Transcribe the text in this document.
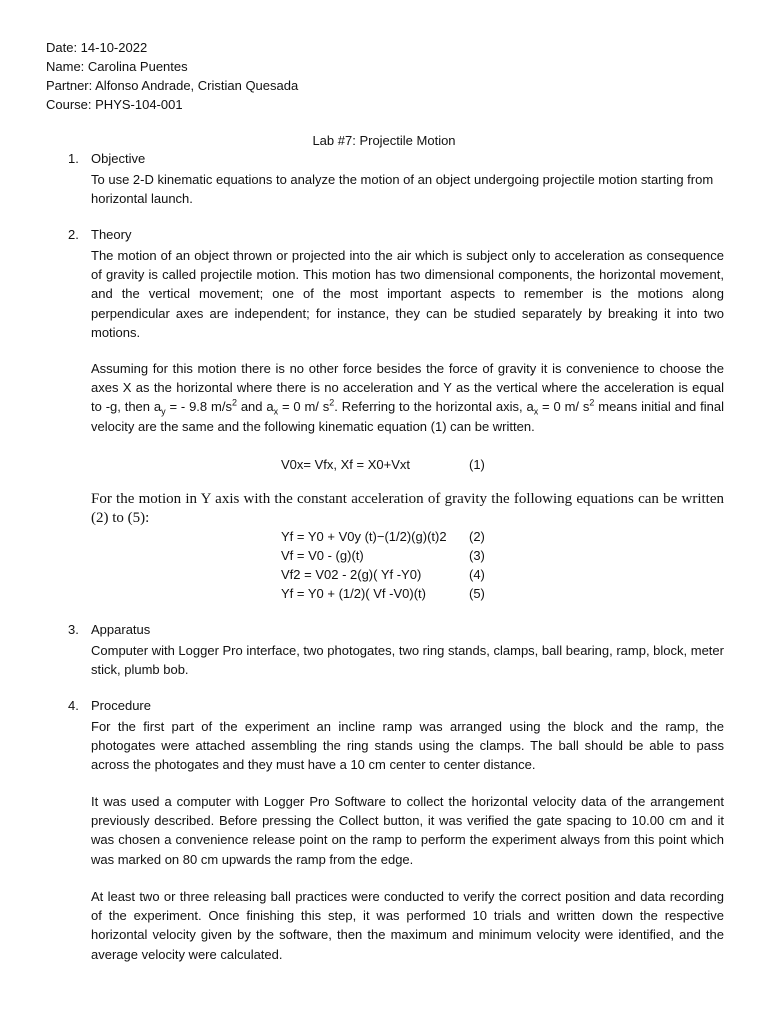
Date: 14-10-2022
Name: Carolina Puentes
Partner: Alfonso Andrade, Cristian Quesada
Course: PHYS-104-001
Lab #7: Projectile Motion
1. Objective
To use 2-D kinematic equations to analyze the motion of an object undergoing projectile motion starting from horizontal launch.
2. Theory
The motion of an object thrown or projected into the air which is subject only to acceleration as consequence of gravity is called projectile motion. This motion has two dimensional components, the horizontal movement, and the vertical movement; one of the most important aspects to remember is the motions along perpendicular axes are independent; for instance, they can be studied separately by breaking it into two motions.
Assuming for this motion there is no other force besides the force of gravity it is convenience to choose the axes X as the horizontal where there is no acceleration and Y as the vertical where the acceleration is equal to -g, then $a_y$ = - 9.8 $m/s^2$ and $a_x = 0$ m/ $s^2$. Referring to the horizontal axis, $a_x = 0$ m/ $s^2$ means initial and final velocity are the same and the following kinematic equation (1) can be written.
V0x= Vfx, Xf = X0+Vxt	(1)
For the motion in Y axis with the constant acceleration of gravity the following equations can be written (2) to (5):
Yf = Y0 + V0y (t)−(1/2)(g)(t)2 (2)
Vf = V0 - (g)(t)	(3)
Vf2 = V02 - 2(g)( Yf -Y0)	(4)
Yf = Y0 + (1/2)( Vf -V0)(t)	(5)
3. Apparatus
Computer with Logger Pro interface, two photogates, two ring stands, clamps, ball bearing, ramp, block, meter stick, plumb bob.
4. Procedure
For the first part of the experiment an incline ramp was arranged using the block and the ramp, the photogates were attached assembling the ring stands using the clamps. The ball should be able to pass across the photogates and they must have a 10 cm center to center distance.
It was used a computer with Logger Pro Software to collect the horizontal velocity data of the arrangement previously described. Before pressing the Collect button, it was verified the gate spacing to 10.00 cm and it was chosen a convenience release point on the ramp to perform the experiment always from this point which was marked on 80 cm upwards the ramp from the edge.
At least two or three releasing ball practices were conducted to verify the correct position and data recording of the experiment. Once finishing this step, it was performed 10 trials and written down the respective horizontal velocity given by the software, then the maximum and minimum velocity were identified, and the average velocity were calculated.
